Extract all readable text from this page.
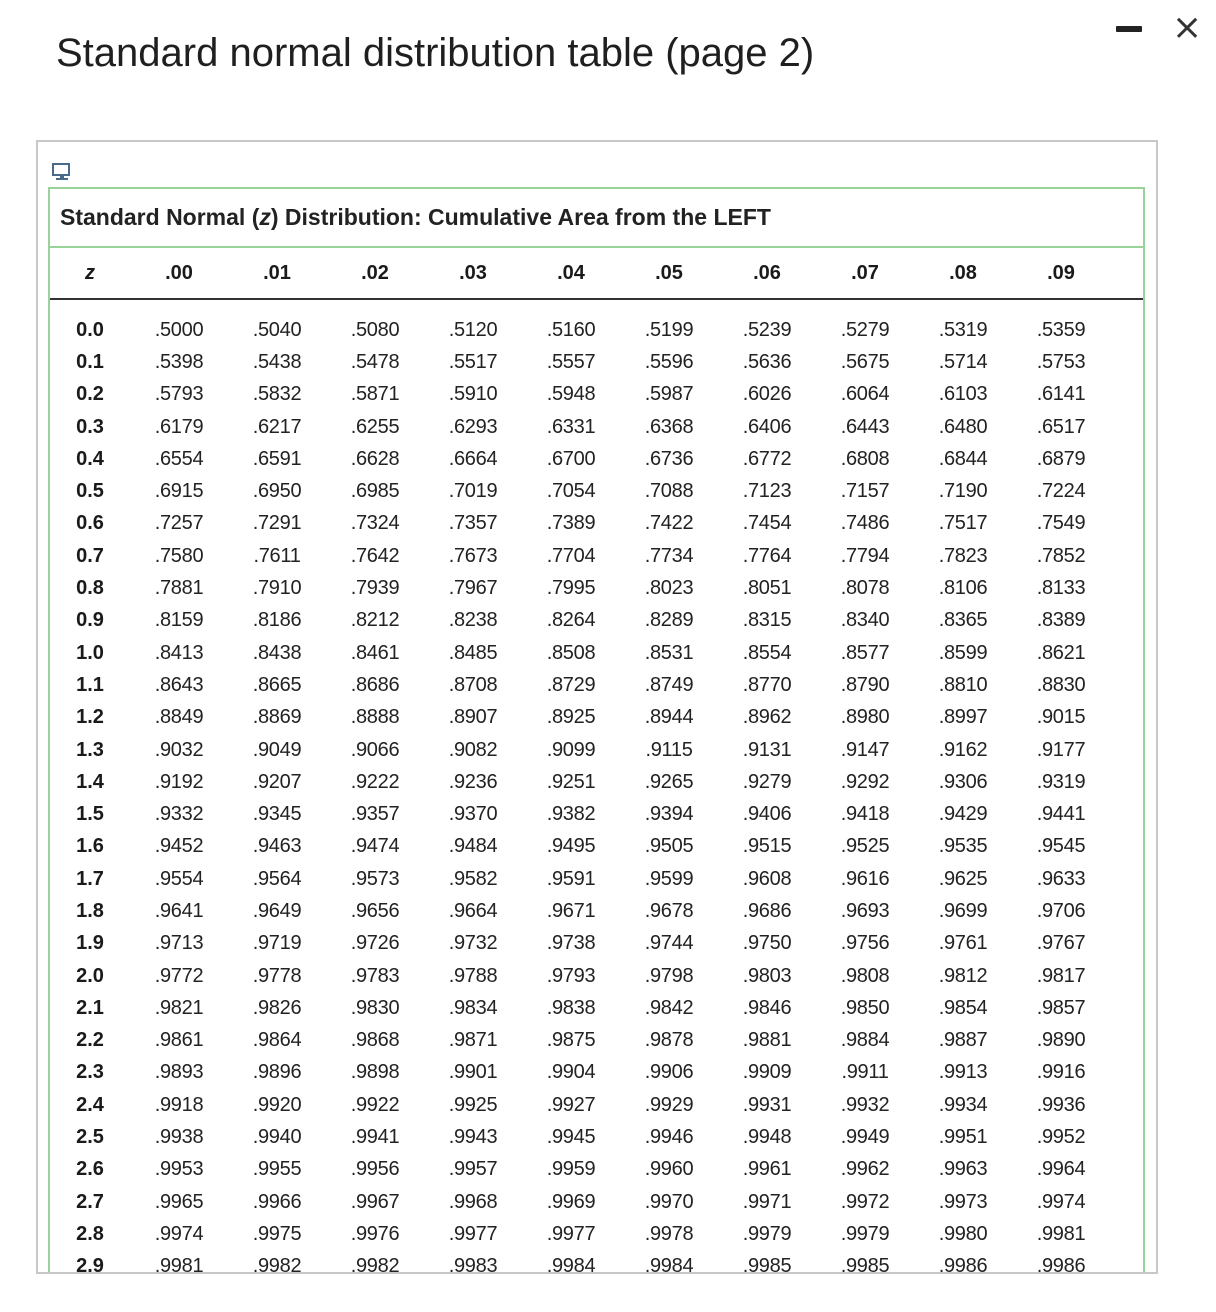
Standard normal distribution table (page 2)
×
Standard Normal (z) Distribution: Cumulative Area from the LEFT
z	.00	.01	.02	.03	.04	.05	.06	.07	.08	.09
0.0	.5000	.5040	.5080	.5120	.5160	.5199	.5239	.5279	.5319	.5359
0.1	.5398	.5438	.5478	.5517	.5557	.5596	.5636	.5675	.5714	.5753
0.2	.5793	.5832	.5871	.5910	.5948	.5987	.6026	.6064	.6103	.6141
0.3	.6179	.6217	.6255	.6293	.6331	.6368	.6406	.6443	.6480	.6517
0.4	.6554	.6591	.6628	.6664	.6700	.6736	.6772	.6808	.6844	.6879
0.5	.6915	.6950	.6985	.7019	.7054	.7088	.7123	.7157	.7190	.7224
0.6	.7257	.7291	.7324	.7357	.7389	.7422	.7454	.7486	.7517	.7549
0.7	.7580	.7611	.7642	.7673	.7704	.7734	.7764	.7794	.7823	.7852
0.8	.7881	.7910	.7939	.7967	.7995	.8023	.8051	.8078	.8106	.8133
0.9	.8159	.8186	.8212	.8238	.8264	.8289	.8315	.8340	.8365	.8389
1.0	.8413	.8438	.8461	.8485	.8508	.8531	.8554	.8577	.8599	.8621
1.1	.8643	.8665	.8686	.8708	.8729	.8749	.8770	.8790	.8810	.8830
1.2	.8849	.8869	.8888	.8907	.8925	.8944	.8962	.8980	.8997	.9015
1.3	.9032	.9049	.9066	.9082	.9099	.9115	.9131	.9147	.9162	.9177
1.4	.9192	.9207	.9222	.9236	.9251	.9265	.9279	.9292	.9306	.9319
1.5	.9332	.9345	.9357	.9370	.9382	.9394	.9406	.9418	.9429	.9441
1.6	.9452	.9463	.9474	.9484	.9495	.9505	.9515	.9525	.9535	.9545
1.7	.9554	.9564	.9573	.9582	.9591	.9599	.9608	.9616	.9625	.9633
1.8	.9641	.9649	.9656	.9664	.9671	.9678	.9686	.9693	.9699	.9706
1.9	.9713	.9719	.9726	.9732	.9738	.9744	.9750	.9756	.9761	.9767
2.0	.9772	.9778	.9783	.9788	.9793	.9798	.9803	.9808	.9812	.9817
2.1	.9821	.9826	.9830	.9834	.9838	.9842	.9846	.9850	.9854	.9857
2.2	.9861	.9864	.9868	.9871	.9875	.9878	.9881	.9884	.9887	.9890
2.3	.9893	.9896	.9898	.9901	.9904	.9906	.9909	.9911	.9913	.9916
2.4	.9918	.9920	.9922	.9925	.9927	.9929	.9931	.9932	.9934	.9936
2.5	.9938	.9940	.9941	.9943	.9945	.9946	.9948	.9949	.9951	.9952
2.6	.9953	.9955	.9956	.9957	.9959	.9960	.9961	.9962	.9963	.9964
2.7	.9965	.9966	.9967	.9968	.9969	.9970	.9971	.9972	.9973	.9974
2.8	.9974	.9975	.9976	.9977	.9977	.9978	.9979	.9979	.9980	.9981
2.9	.9981	.9982	.9982	.9983	.9984	.9984	.9985	.9985	.9986	.9986
